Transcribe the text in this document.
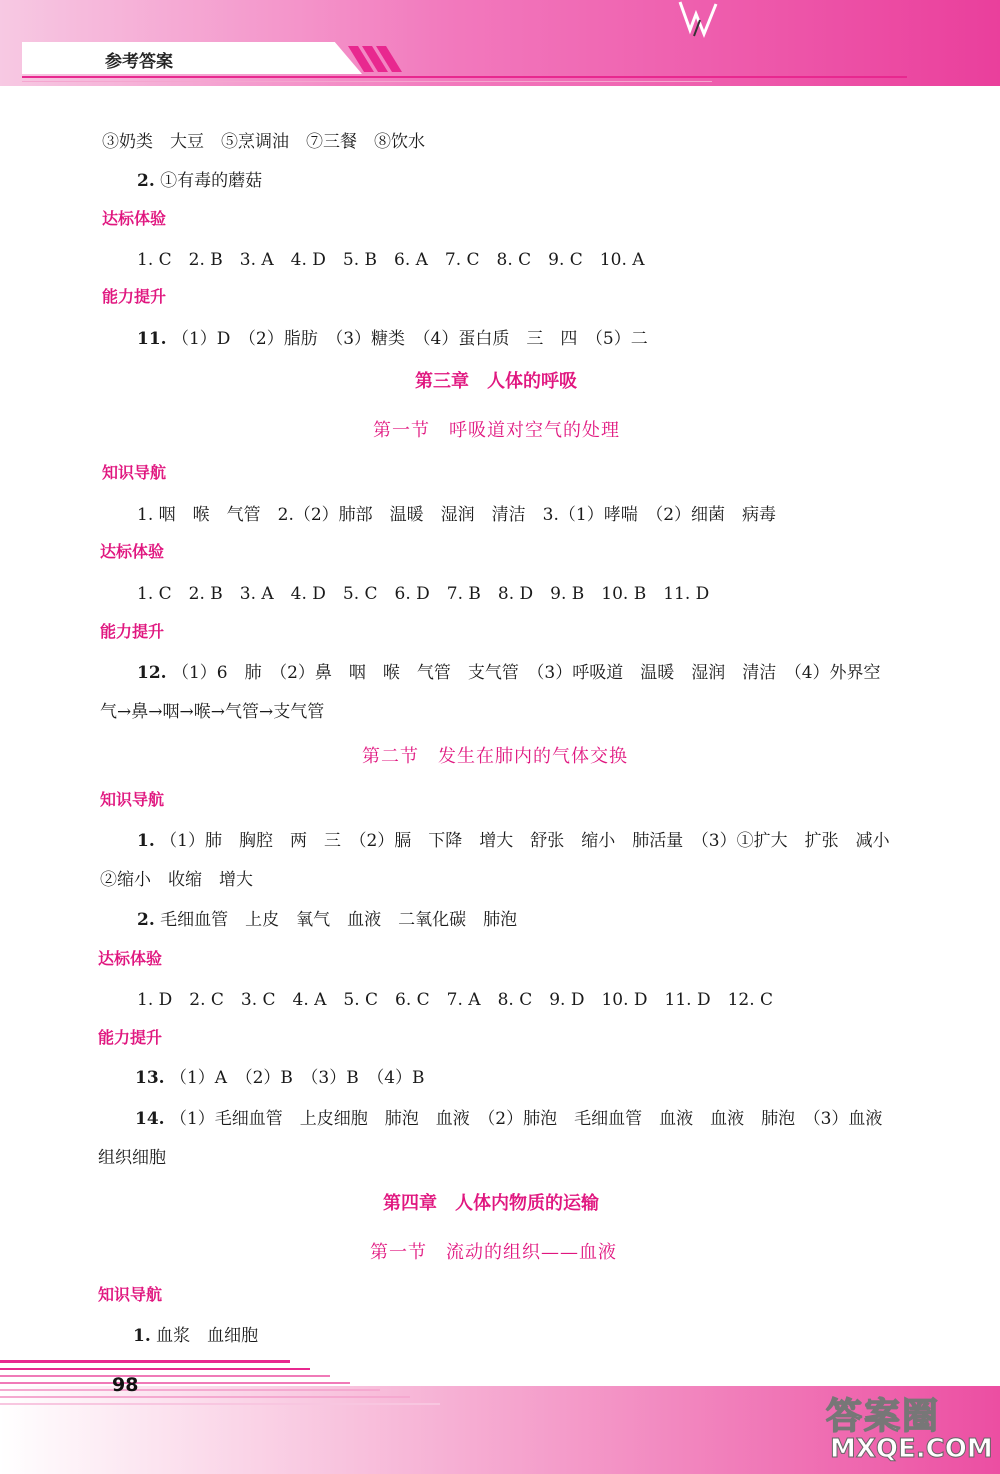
参考答案
③奶类　大豆　⑤烹调油　⑦三餐　⑧饮水
2. ①有毒的蘑菇
达标体验
1. C　2. B　3. A　4. D　5. B　6. A　7. C　8. C　9. C　10. A
能力提升
11. （1）D　（2）脂肪　（3）糖类　（4）蛋白质　三　四　（5）二
第三章　人体的呼吸
第一节　呼吸道对空气的处理
知识导航
1. 咽　喉　气管　2.（2）肺部　温暖　湿润　清洁　3.（1）哮喘　（2）细菌　病毒
达标体验
1. C　2. B　3. A　4. D　5. C　6. D　7. B　8. D　9. B　10. B　11. D
能力提升
12. （1）6　肺　（2）鼻　咽　喉　气管　支气管　（3）呼吸道　温暖　湿润　清洁　（4）外界空
气→鼻→咽→喉→气管→支气管
第二节　发生在肺内的气体交换
知识导航
1. （1）肺　胸腔　两　三　（2）膈　下降　增大　舒张　缩小　肺活量　（3）①扩大　扩张　减小
②缩小　收缩　增大
2. 毛细血管　上皮　氧气　血液　二氧化碳　肺泡
达标体验
1. D　2. C　3. C　4. A　5. C　6. C　7. A　8. C　9. D　10. D　11. D　12. C
能力提升
13. （1）A　（2）B　（3）B　（4）B
14. （1）毛细血管　上皮细胞　肺泡　血液　（2）肺泡　毛细血管　血液　血液　肺泡　（3）血液
组织细胞
第四章　人体内物质的运输
第一节　流动的组织——血液
知识导航
1. 血浆　血细胞
98
答案圈
MXQE.COM
